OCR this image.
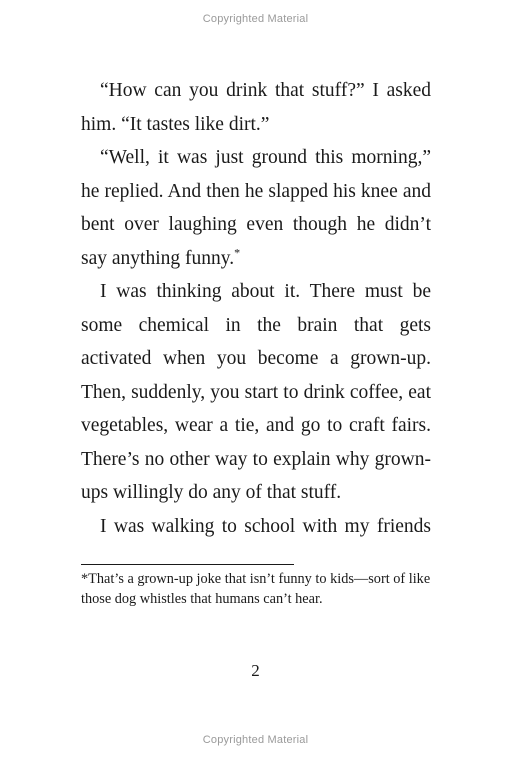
Copyrighted Material

“How can you drink that stuff?” I asked him. “It tastes like dirt.”

“Well, it was just ground this morning,” he replied. And then he slapped his knee and bent over laughing even though he didn’t say anything funny.*

I was thinking about it. There must be some chemical in the brain that gets activated when you become a grown-up. Then, suddenly, you start to drink coffee, eat vegetables, wear a tie, and go to craft fairs. There’s no other way to explain why grown-ups willingly do any of that stuff.

I was walking to school with my friends

*That’s a grown-up joke that isn’t funny to kids—sort of like those dog whistles that humans can’t hear.

2
Copyrighted Material
